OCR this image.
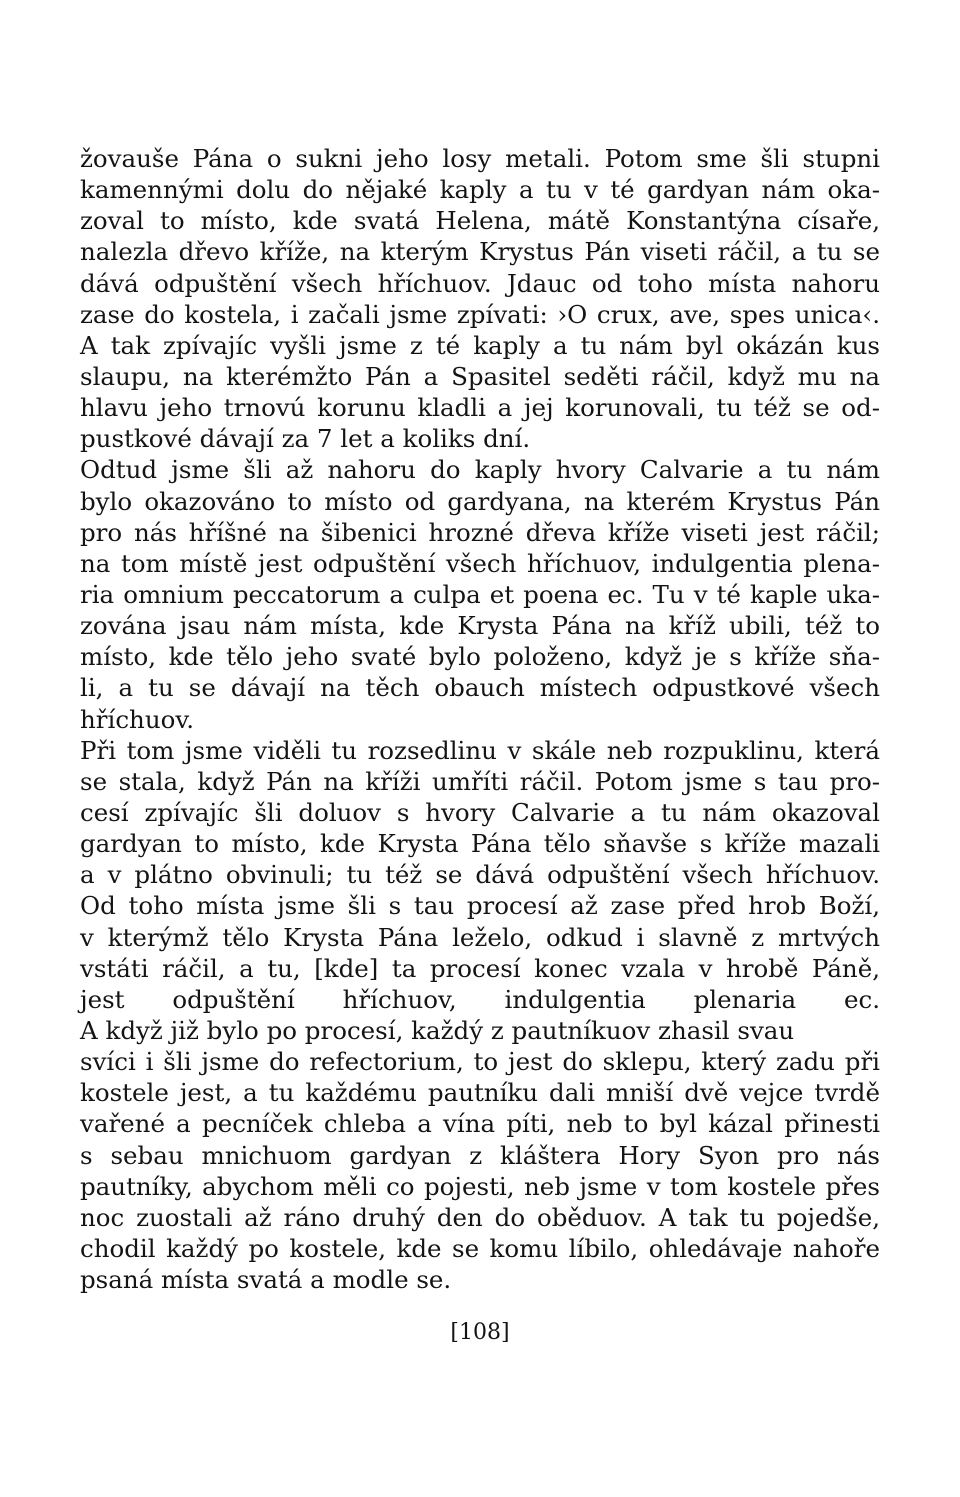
žovauše Pána o sukni jeho losy metali. Potom sme šli stupni
kamennými dolu do nějaké kaply a tu v té gardyan nám oka-
zoval to místo, kde svatá Helena, mátě Konstantýna císaře,
nalezla dřevo kříže, na kterým Krystus Pán viseti ráčil, a tu se
dává odpuštění všech hříchuov. Jdauc od toho místa nahoru
zase do kostela, i začali jsme zpívati: ›O crux, ave, spes unica‹.
A tak zpívajíc vyšli jsme z té kaply a tu nám byl okázán kus
slaupu, na kterémžto Pán a Spasitel seděti ráčil, když mu na
hlavu jeho trnovú korunu kladli a jej korunovali, tu též se od-
pustkové dávají za 7 let a koliks dní.
Odtud jsme šli až nahoru do kaply hvory Calvarie a tu nám
bylo okazováno to místo od gardyana, na kterém Krystus Pán
pro nás hříšné na šibenici hrozné dřeva kříže viseti jest ráčil;
na tom místě jest odpuštění všech hříchuov, indulgentia plena-
ria omnium peccatorum a culpa et poena ec. Tu v té kaple uka-
zována jsau nám místa, kde Krysta Pána na kříž ubili, též to
místo, kde tělo jeho svaté bylo položeno, když je s kříže sňa-
li, a tu se dávají na těch obauch místech odpustkové všech
hříchuov.
Při tom jsme viděli tu rozsedlinu v skále neb rozpuklinu, která
se stala, když Pán na kříži umříti ráčil. Potom jsme s tau pro-
cesí zpívajíc šli doluov s hvory Calvarie a tu nám okazoval
gardyan to místo, kde Krysta Pána tělo sňavše s kříže mazali
a v plátno obvinuli; tu též se dává odpuštění všech hříchuov.
Od toho místa jsme šli s tau procesí až zase před hrob Boží,
v kterýmž tělo Krysta Pána leželo, odkud i slavně z mrtvých
vstáti ráčil, a tu, [kde] ta procesí konec vzala v hrobě Páně,
jest odpuštění hříchuov, indulgentia plenaria ec.
A když již bylo po procesí, každý z pautníkuov zhasil svau
svíci i šli jsme do refectorium, to jest do sklepu, který zadu při
kostele jest, a tu každému pautníku dali mniší dvě vejce tvrdě
vařené a pecníček chleba a vína píti, neb to byl kázal přinesti
s sebau mnichuom gardyan z kláštera Hory Syon pro nás
pautníky, abychom měli co pojesti, neb jsme v tom kostele přes
noc zuostali až ráno druhý den do oběduov. A tak tu pojedše,
chodil každý po kostele, kde se komu líbilo, ohledávaje nahoře
psaná místa svatá a modle se.
[108]
